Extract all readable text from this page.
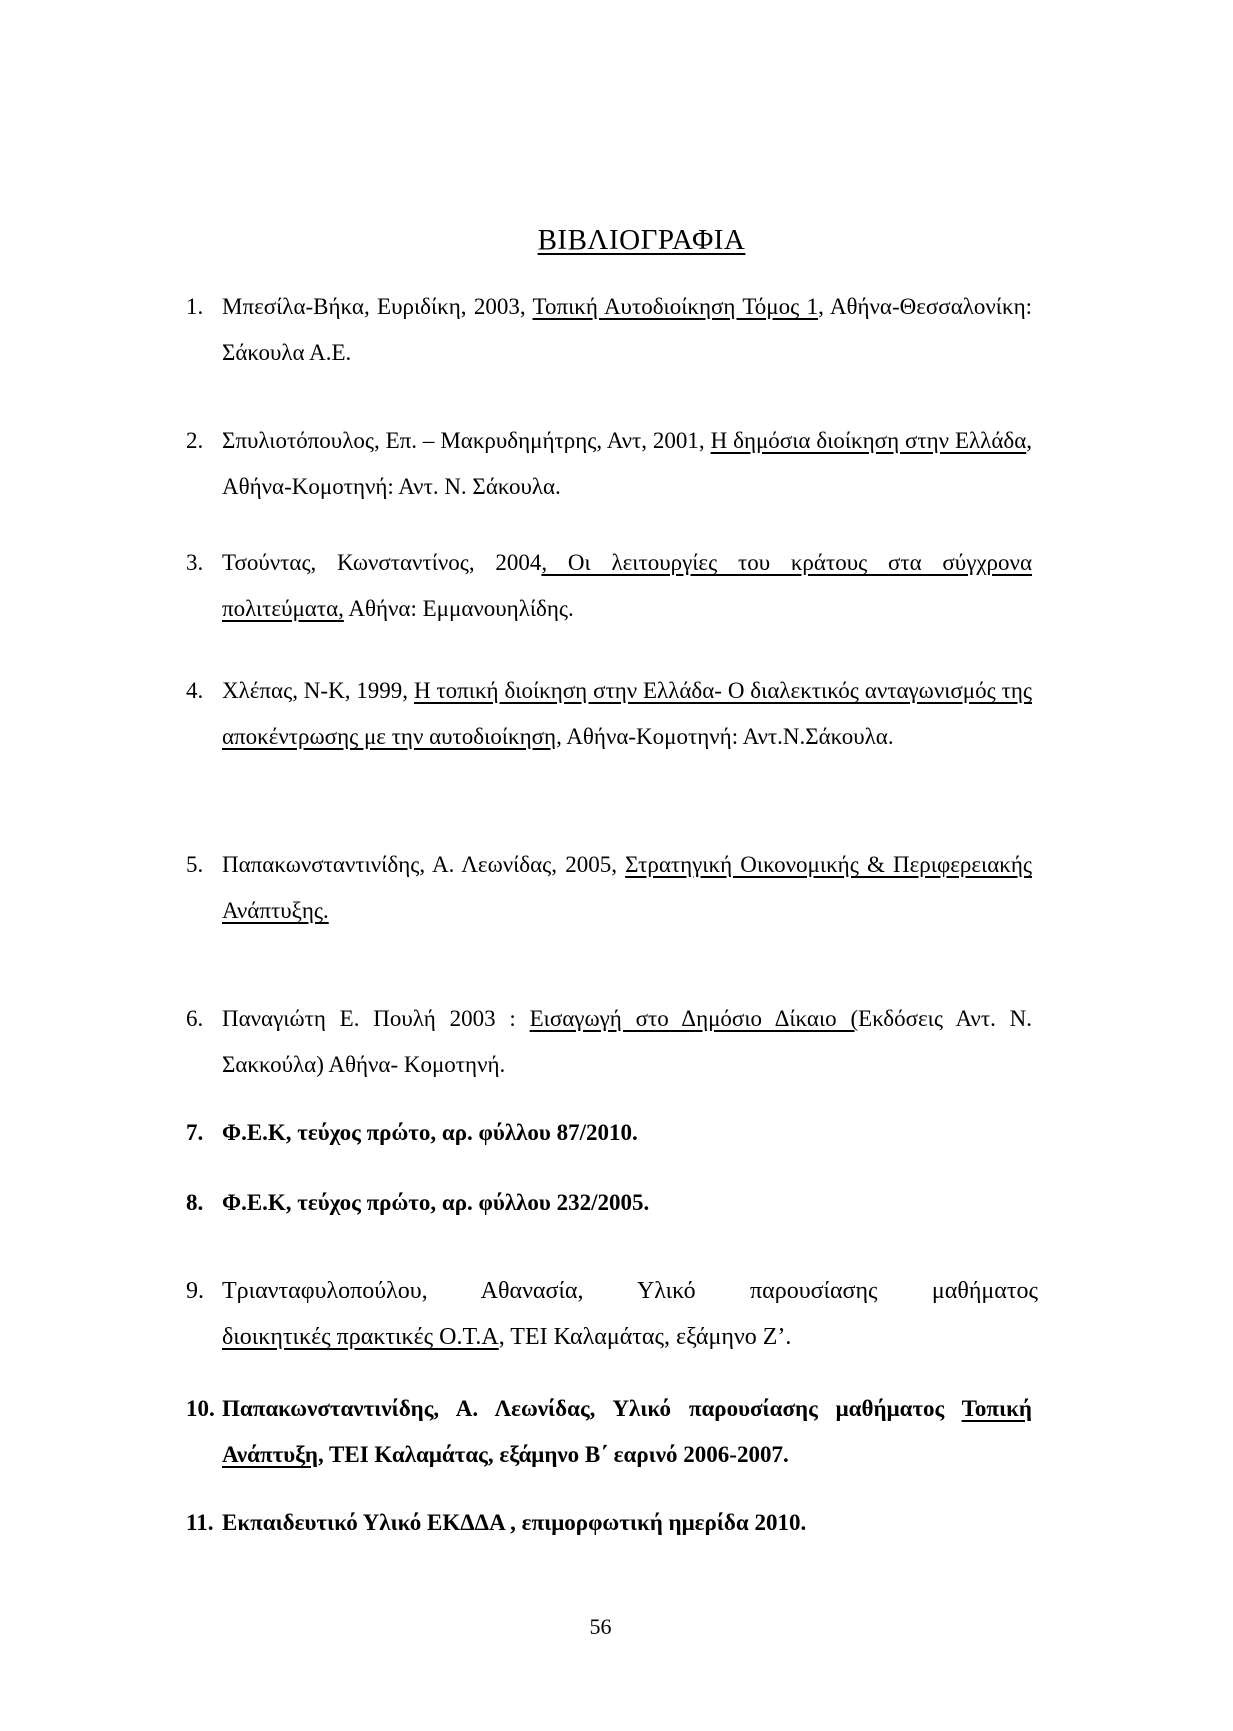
ΒΙΒΛΙΟΓΡΑΦΙΑ
1. Μπεσίλα-Βήκα, Ευριδίκη, 2003, Τοπική Αυτοδιοίκηση Τόμος 1, Αθήνα-Θεσσαλονίκη: Σάκουλα Α.Ε.
2. Σπυλιοτόπουλος, Επ. – Μακρυδημήτρης, Αντ, 2001, Η δημόσια διοίκηση στην Ελλάδα, Αθήνα-Κομοτηνή: Αντ. Ν. Σάκουλα.
3. Τσούντας, Κωνσταντίνος, 2004, Οι λειτουργίες του κράτους στα σύγχρονα πολιτεύματα, Αθήνα: Εμμανουηλίδης.
4. Χλέπας, Ν-Κ, 1999, Η τοπική διοίκηση στην Ελλάδα- Ο διαλεκτικός ανταγωνισμός της αποκέντρωσης με την αυτοδιοίκηση, Αθήνα-Κομοτηνή: Αντ.Ν.Σάκουλα.
5. Παπακωνσταντινίδης, Α. Λεωνίδας, 2005, Στρατηγική Οικονομικής & Περιφερειακής Ανάπτυξης.
6. Παναγιώτη Ε. Πουλή 2003 : Εισαγωγή στο Δημόσιο Δίκαιο (Εκδόσεις Αντ. Ν. Σακκούλα) Αθήνα- Κομοτηνή.
7. Φ.Ε.Κ, τεύχος πρώτο, αρ. φύλλου 87/2010.
8. Φ.Ε.Κ, τεύχος πρώτο, αρ. φύλλου 232/2005.
9. Τριανταφυλοπούλου, Αθανασία, Υλικό παρουσίασης μαθήματοςδιοικητικές πρακτικές Ο.Τ.Α, ΤΕΙ Καλαμάτας, εξάμηνο Ζ’.
10. Παπακωνσταντινίδης, Α. Λεωνίδας, Υλικό παρουσίασης μαθήματος Τοπική Ανάπτυξη, ΤΕΙ Καλαμάτας, εξάμηνο Β΄ εαρινό 2006-2007.
11. Εκπαιδευτικό Υλικό ΕΚΔΔΑ , επιμορφωτική ημερίδα 2010.
56
